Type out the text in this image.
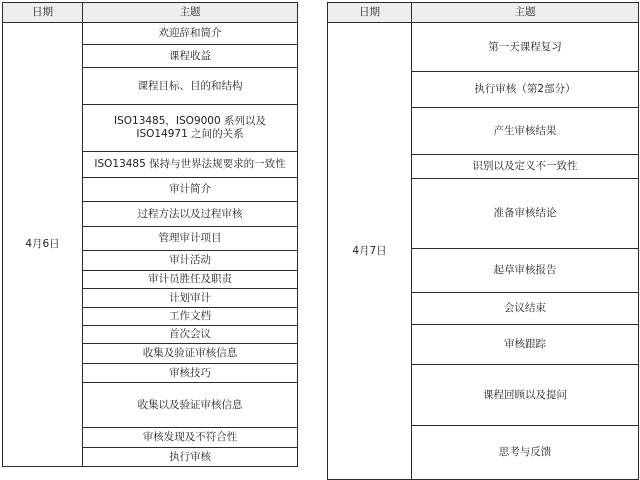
日期	主题
4月6日	欢迎辞和简介
	课程收益
	课程目标、目的和结构
	ISO13485，ISO9000 系列以及 ISO14971 之间的关系
	ISO13485 保持与世界法规要求的一致性
	审计简介
	过程方法以及过程审核
	管理审计项目
	审计活动
	审计员胜任及职责
	计划审计
	工作文档
	首次会议
	收集及验证审核信息
	审核技巧
	收集以及验证审核信息
	审核发现及不符合性
	执行审核
日期	主题
4月7日	第一天课程复习
	执行审核（第2部分）
	产生审核结果
	识别以及定义不一致性
	准备审核结论
	起草审核报告
	会议结束
	审核跟踪
	课程回顾以及提问
	思考与反馈
